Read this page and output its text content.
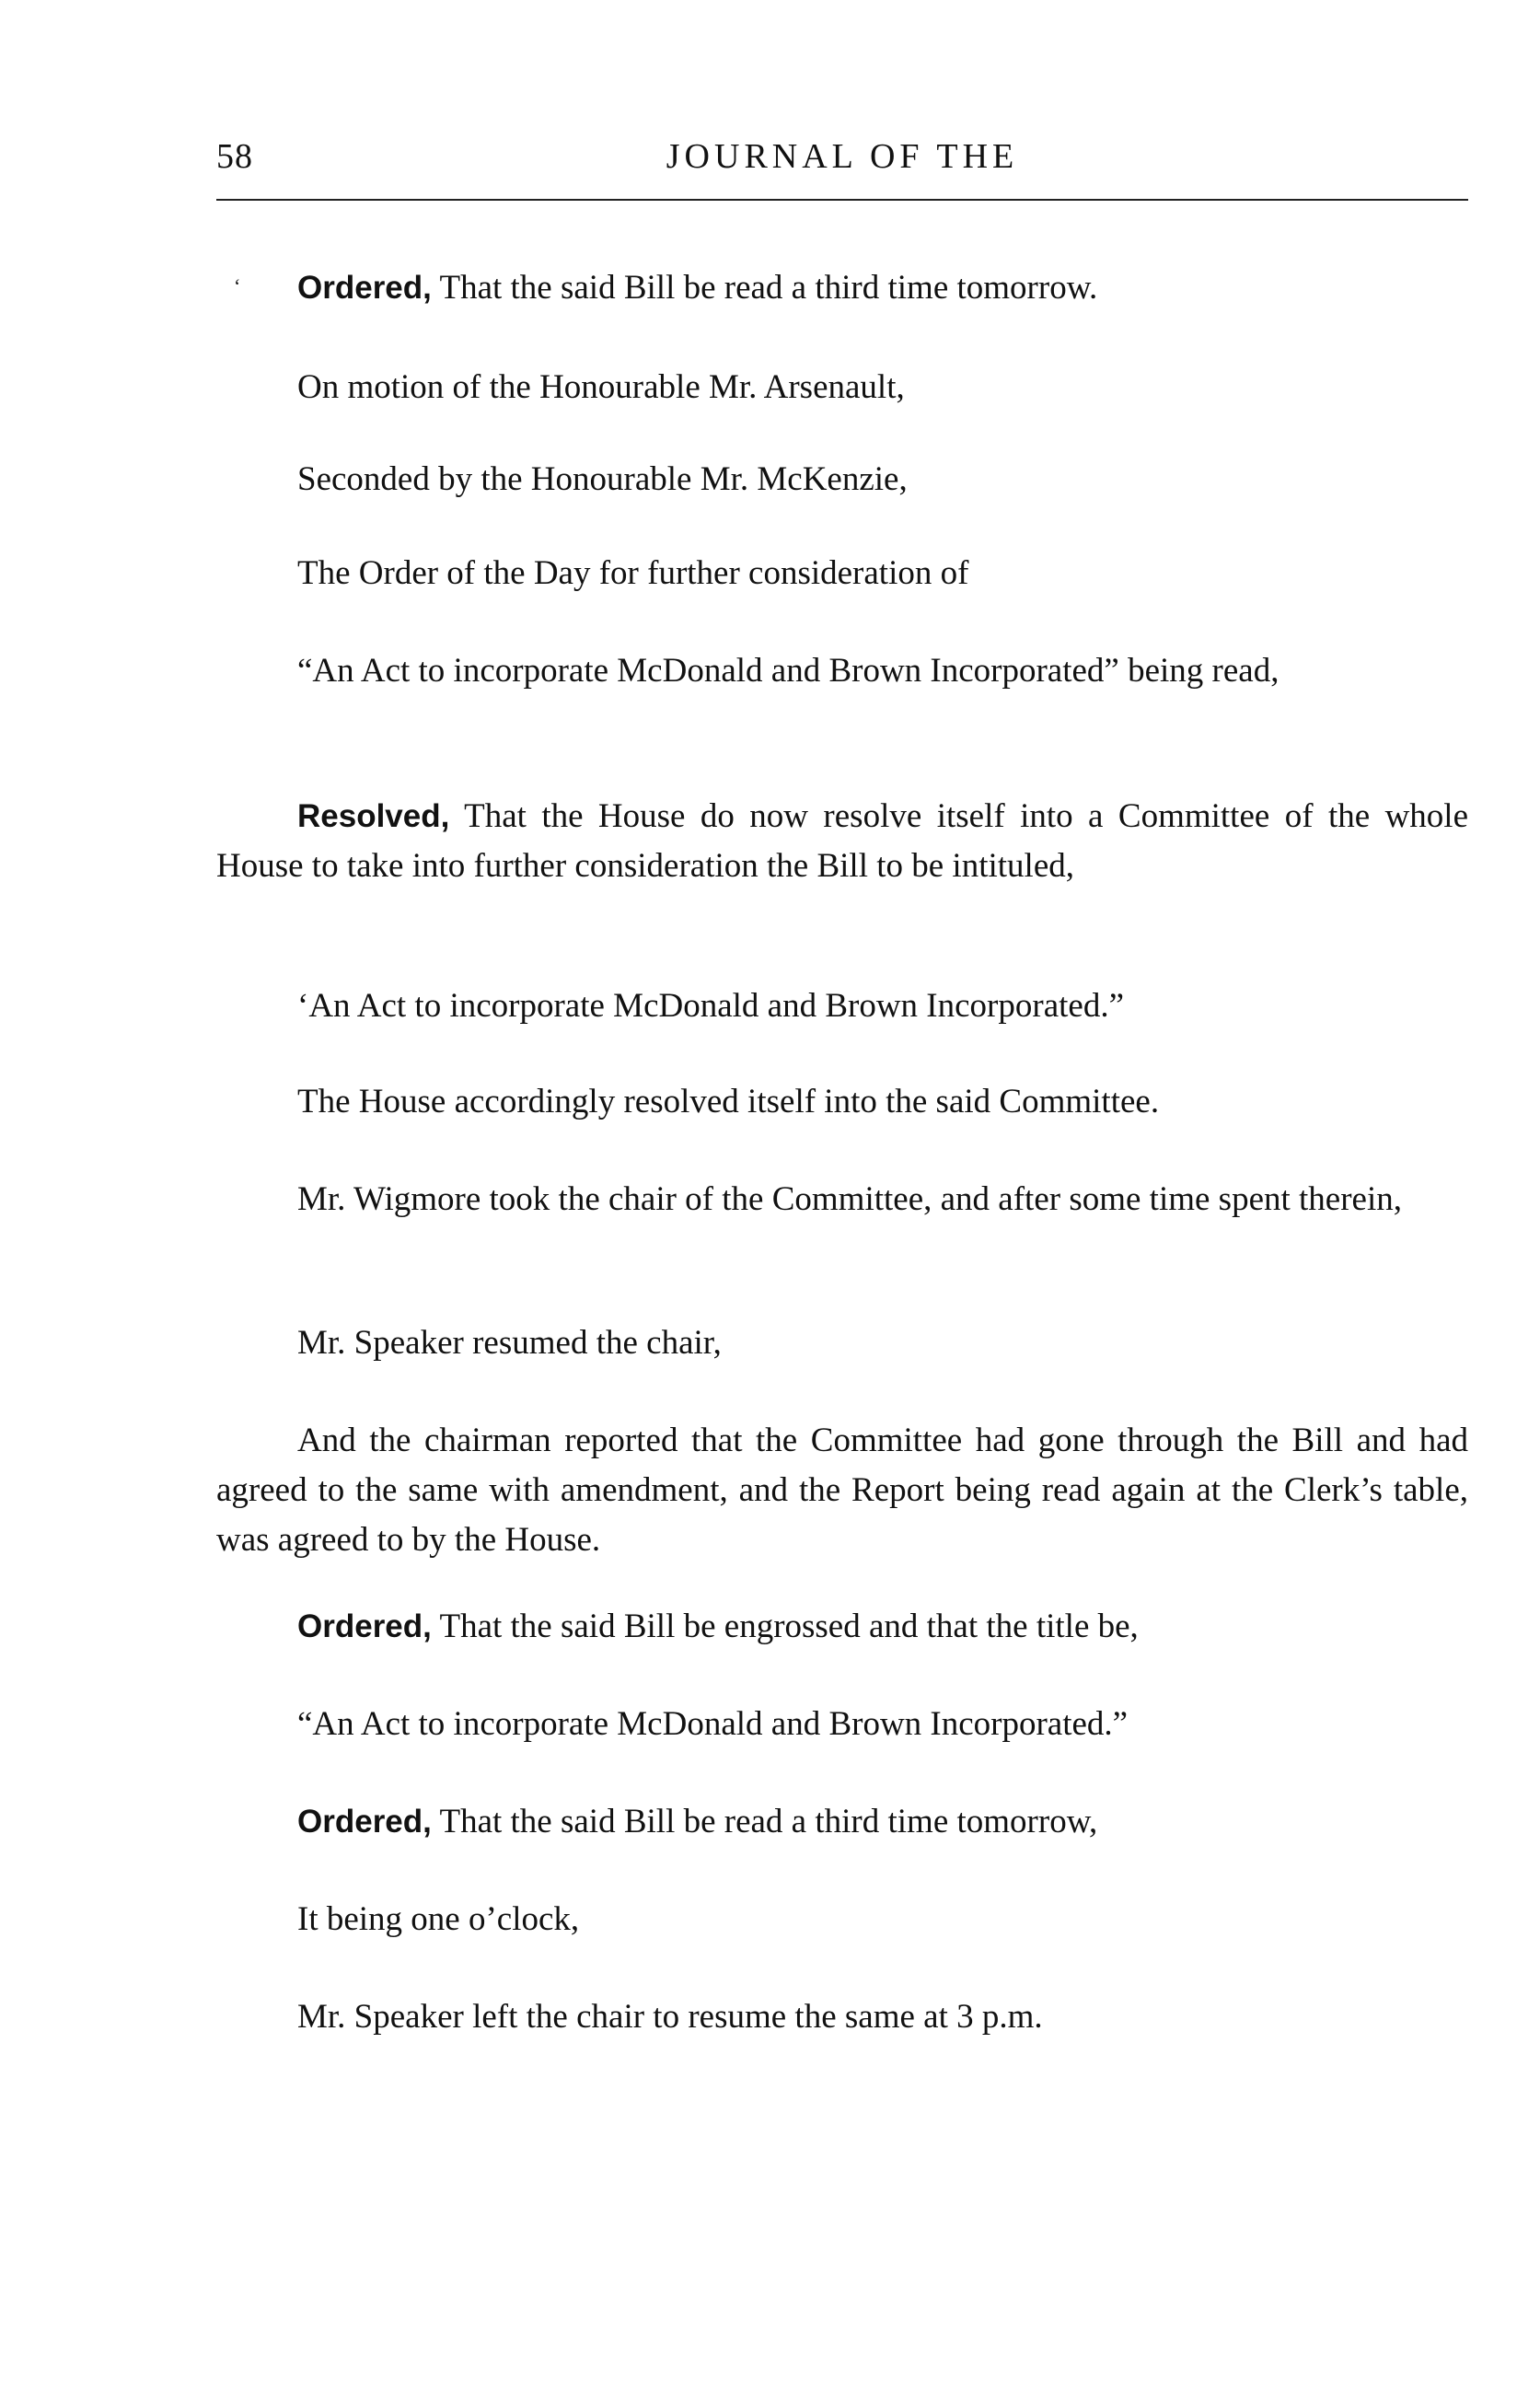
58	JOURNAL OF THE
‘	Ordered, That the said Bill be read a third time tomorrow.

On motion of the Honourable Mr. Arsenault,

Seconded by the Honourable Mr. McKenzie,

The Order of the Day for further consideration of

“An Act to incorporate McDonald and Brown Incorporated” being read,

Resolved, That the House do now resolve itself into a Committee of the whole House to take into further consideration the Bill to be intituled,

‘An Act to incorporate McDonald and Brown Incorporated.”

The House accordingly resolved itself into the said Committee.

Mr. Wigmore took the chair of the Committee, and after some time spent therein,

Mr. Speaker resumed the chair,

And the chairman reported that the Committee had gone through the Bill and had agreed to the same with amendment, and the Report being read again at the Clerk’s table, was agreed to by the House.

Ordered, That the said Bill be engrossed and that the title be,

“An Act to incorporate McDonald and Brown Incorporated.”

Ordered, That the said Bill be read a third time tomorrow,

It being one o’clock,

Mr. Speaker left the chair to resume the same at 3 p.m.
